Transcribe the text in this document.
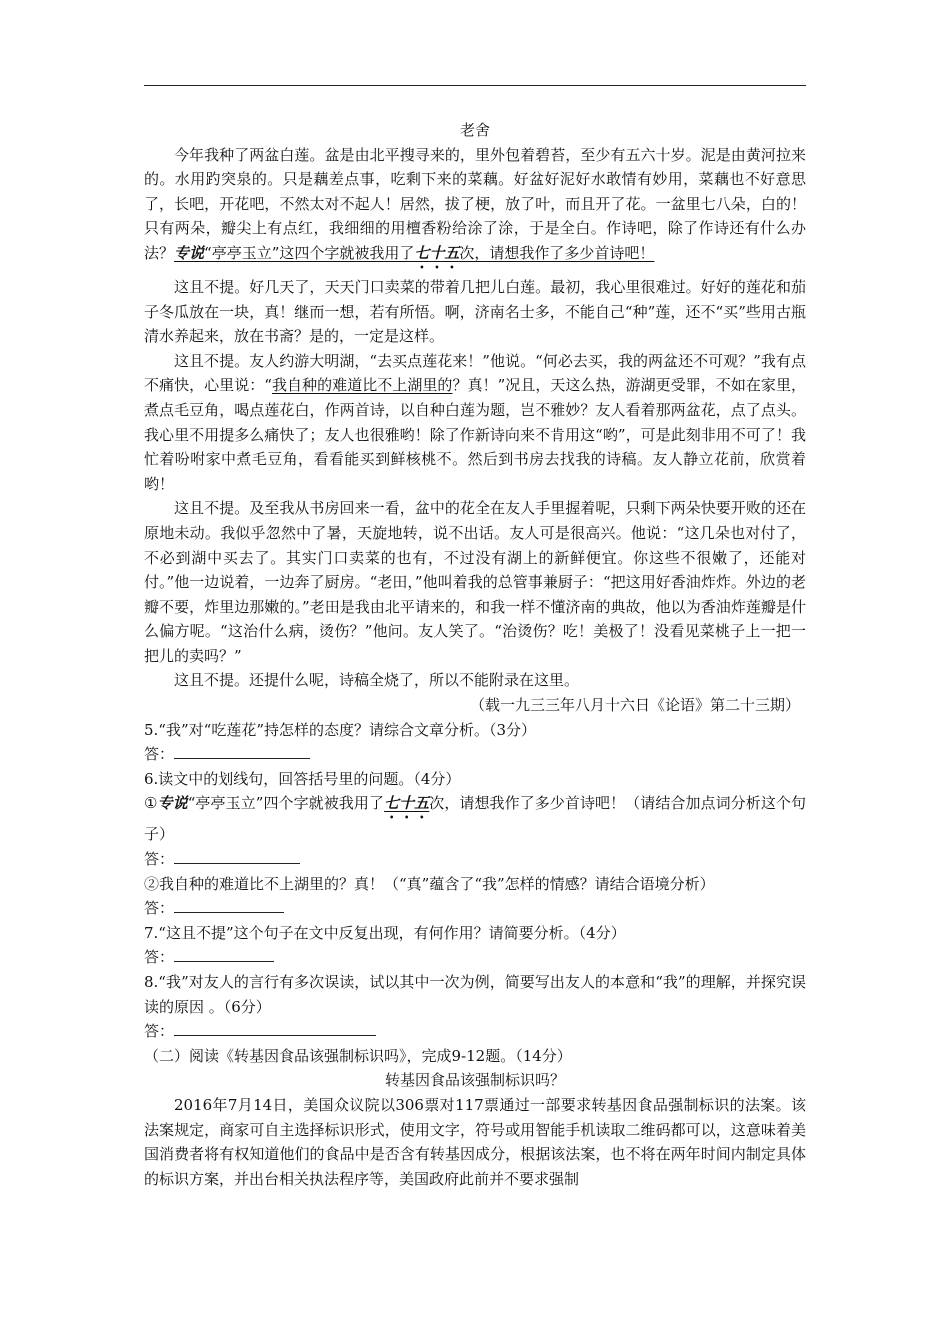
老舍

今年我种了两盆白莲。盆是由北平搜寻来的，里外包着碧苔，至少有五六十岁。泥是由黄河拉来的。水用趵突泉的。只是藕差点事，吃剩下来的菜藕。好盆好泥好水敢情有妙用，菜藕也不好意思了，长吧，开花吧，不然太对不起人！居然，拔了梗，放了叶，而且开了花。一盆里七八朵，白的！只有两朵，瓣尖上有点红，我细细的用檀香粉给涂了涂，于是全白。作诗吧，除了作诗还有什么办法？专说“亭亭玉立”这四个字就被我用了七十五次，请想我作了多少首诗吧！

这且不提。好几天了，天天门口卖菜的带着几把儿白莲。最初，我心里很难过。好好的莲花和茄子冬瓜放在一块，真！继而一想，若有所悟。啊，济南名士多，不能自己“种”莲，还不“买”些用古瓶清水养起来，放在书斋？是的，一定是这样。

这且不提。友人约游大明湖，“去买点莲花来！”他说。“何必去买，我的两盆还不可观？”我有点不痛快，心里说：“我自种的难道比不上湖里的？真！”况且，天这么热，游湖更受罪，不如在家里，煮点毛豆角，喝点莲花白，作两首诗，以自种白莲为题，岂不雅妙？友人看着那两盆花，点了点头。我心里不用提多么痛快了；友人也很雅哟！除了作新诗向来不肯用这“哟”，可是此刻非用不可了！我忙着吩咐家中煮毛豆角，看看能买到鲜核桃不。然后到书房去找我的诗稿。友人静立花前，欣赏着哟！

这且不提。及至我从书房回来一看，盆中的花全在友人手里握着呢，只剩下两朵快要开败的还在原地未动。我似乎忽然中了暑，天旋地转，说不出话。友人可是很高兴。他说：“这几朵也对付了，不必到湖中买去了。其实门口卖菜的也有，不过没有湖上的新鲜便宜。你这些不很嫩了，还能对付。”他一边说着，一边奔了厨房。“老田，”他叫着我的总管事兼厨子：“把这用好香油炸炸。外边的老瓣不要，炸里边那嫩的。”老田是我由北平请来的，和我一样不懂济南的典故，他以为香油炸莲瓣是什么偏方呢。“这治什么病，烫伤？”他问。友人笑了。“治烫伤？吃！美极了！没看见菜桃子上一把一把儿的卖吗？”

这且不提。还提什么呢，诗稿全烧了，所以不能附录在这里。

（载一九三三年八月十六日《论语》第二十三期）

5.“我”对“吃莲花”持怎样的态度？请综合文章分析。（3分）

答：

6.读文中的划线句，回答括号里的问题。（4分）

①专说“亭亭玉立”四个字就被我用了七十五次，请想我作了多少首诗吧！（请结合加点词分析这个句子）

答：

②我自种的难道比不上湖里的？真！（“真”蕴含了“我”怎样的情感？请结合语境分析）

答：

7.“这且不提”这个句子在文中反复出现，有何作用？请简要分析。（4分）

答：

8.“我”对友人的言行有多次误读，试以其中一次为例，简要写出友人的本意和“我”的理解，并探究误读的原因 。（6分）

答：

（二）阅读《转基因食品该强制标识吗》，完成9-12题。（14分）

转基因食品该强制标识吗？

2016年7月14日，美国众议院以306票对117票通过一部要求转基因食品强制标识的法案。该法案规定，商家可自主选择标识形式，使用文字，符号或用智能手机读取二维码都可以，这意味着美国消费者将有权知道他们的食品中是否含有转基因成分，根据该法案，也不将在两年时间内制定具体的标识方案，并出台相关执法程序等，美国政府此前并不要求强制
